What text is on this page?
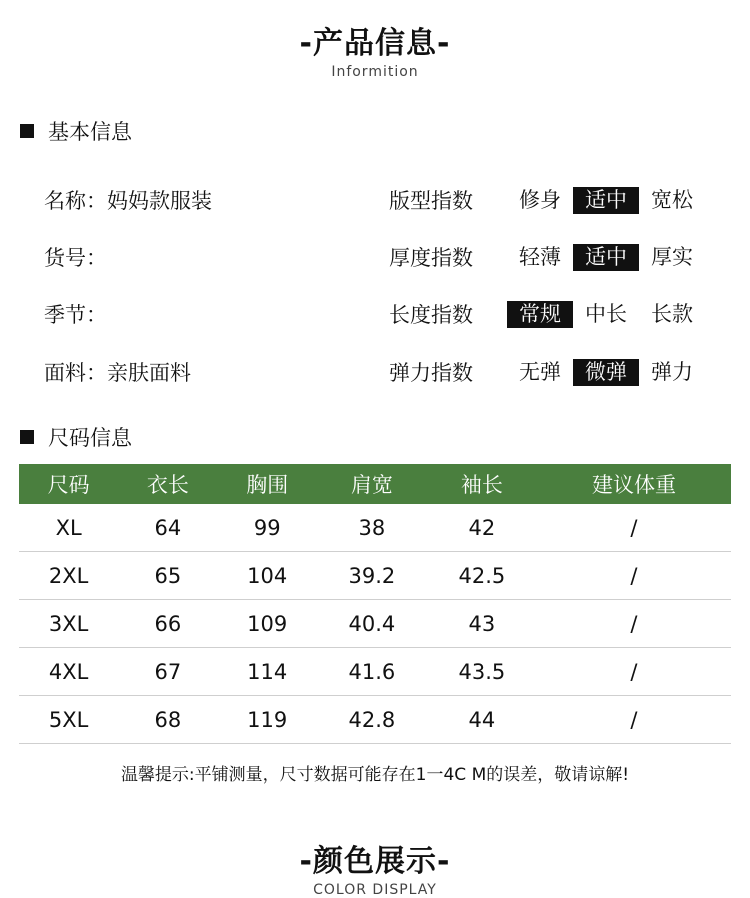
-产品信息-
Informition
基本信息
名称：妈妈款服装
货号：
季节：
面料：亲肤面料
版型指数	修身	适中	宽松
厚度指数	轻薄	适中	厚实
长度指数	常规	中长	长款
弹力指数	无弹	微弹	弹力
尺码信息
尺码	衣长	胸围	肩宽	袖长	建议体重
XL	64	99	38	42	/
2XL	65	104	39.2	42.5	/
3XL	66	109	40.4	43	/
4XL	67	114	41.6	43.5	/
5XL	68	119	42.8	44	/
温馨提示:平铺测量，尺寸数据可能存在1一4C M的误差，敬请谅解!
-颜色展示-
COLOR DISPLAY
